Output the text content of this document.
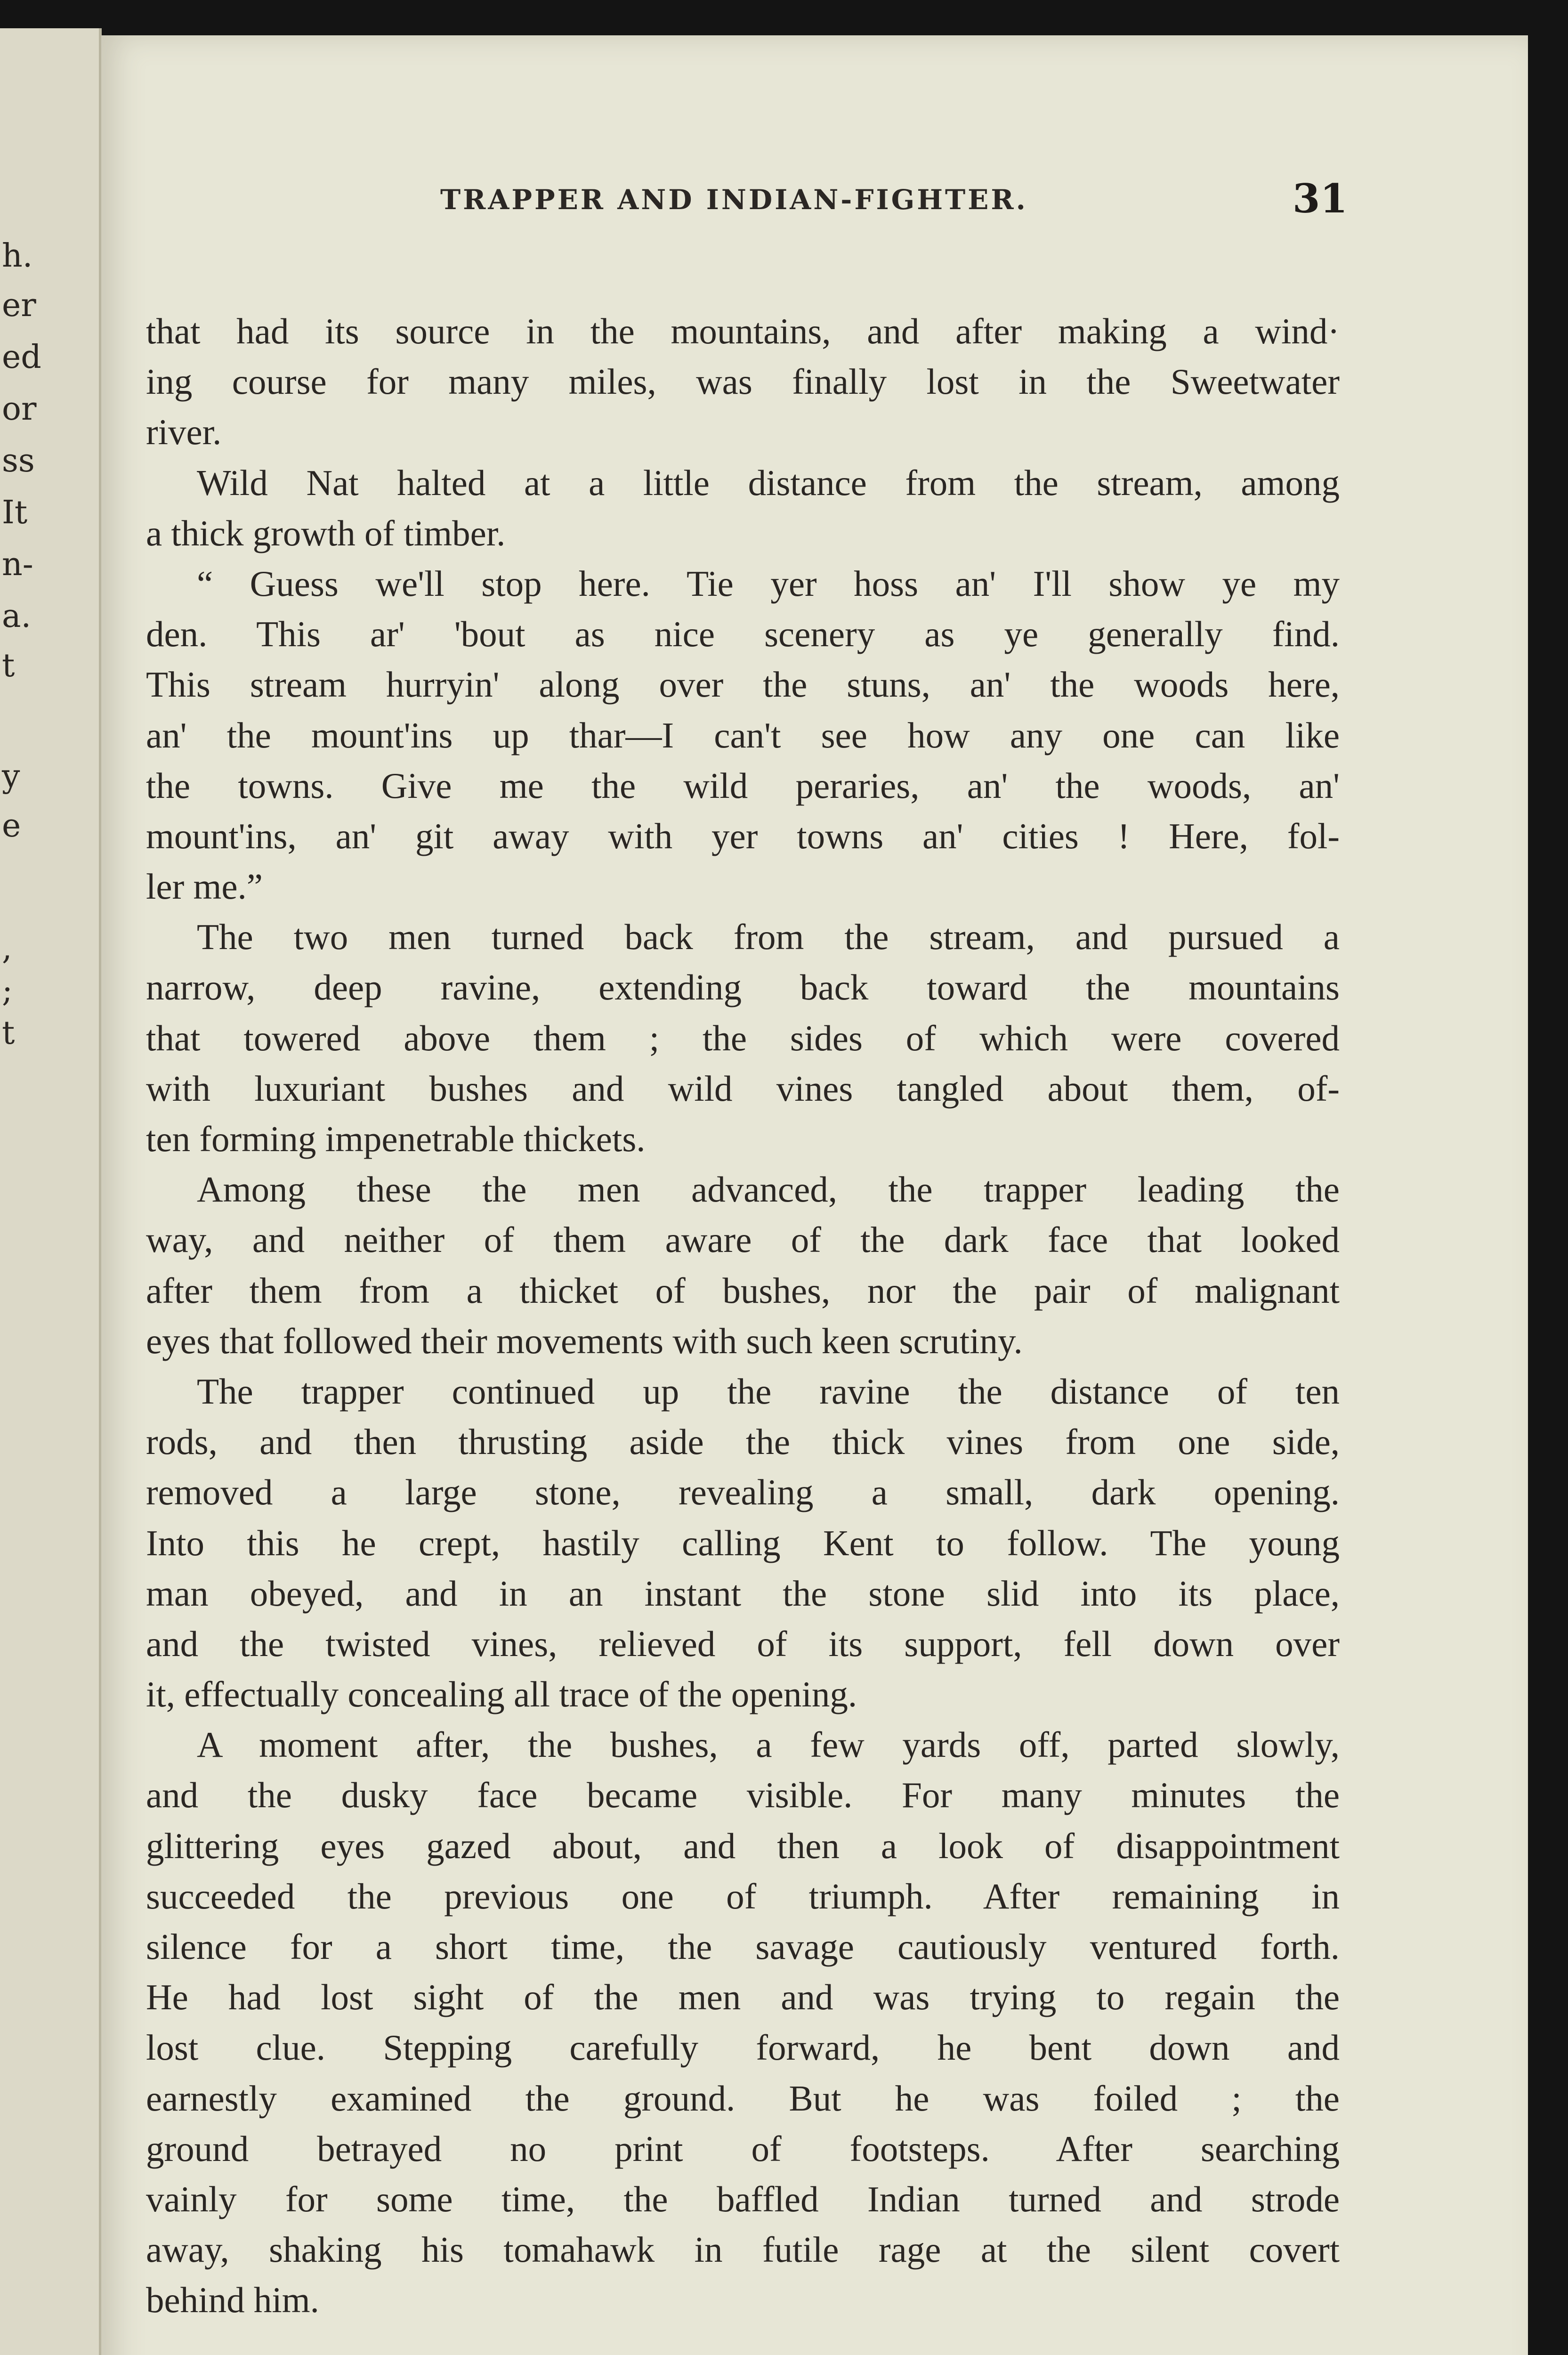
h.
er
ed
or
ss
It
n-
a.
t
y
e
,
;
t
TRAPPER AND INDIAN-FIGHTER.	31
that had its source in the mountains, and after making a wind·
ing course for many miles, was finally lost in the Sweetwater
river.
Wild Nat halted at a little distance from the stream, among
a thick growth of timber.
“ Guess we'll stop here. Tie yer hoss an' I'll show ye my
den. This ar' 'bout as nice scenery as ye generally find.
This stream hurryin' along over the stuns, an' the woods here,
an' the mount'ins up thar—I can't see how any one can like
the towns. Give me the wild peraries, an' the woods, an'
mount'ins, an' git away with yer towns an' cities ! Here, fol-
ler me.”
The two men turned back from the stream, and pursued a
narrow, deep ravine, extending back toward the mountains
that towered above them ; the sides of which were covered
with luxuriant bushes and wild vines tangled about them, of-
ten forming impenetrable thickets.
Among these the men advanced, the trapper leading the
way, and neither of them aware of the dark face that looked
after them from a thicket of bushes, nor the pair of malignant
eyes that followed their movements with such keen scrutiny.
The trapper continued up the ravine the distance of ten
rods, and then thrusting aside the thick vines from one side,
removed a large stone, revealing a small, dark opening.
Into this he crept, hastily calling Kent to follow. The young
man obeyed, and in an instant the stone slid into its place,
and the twisted vines, relieved of its support, fell down over
it, effectually concealing all trace of the opening.
A moment after, the bushes, a few yards off, parted slowly,
and the dusky face became visible. For many minutes the
glittering eyes gazed about, and then a look of disappointment
succeeded the previous one of triumph. After remaining in
silence for a short time, the savage cautiously ventured forth.
He had lost sight of the men and was trying to regain the
lost clue. Stepping carefully forward, he bent down and
earnestly examined the ground. But he was foiled ; the
ground betrayed no print of footsteps. After searching
vainly for some time, the baffled Indian turned and strode
away, shaking his tomahawk in futile rage at the silent covert
behind him.
